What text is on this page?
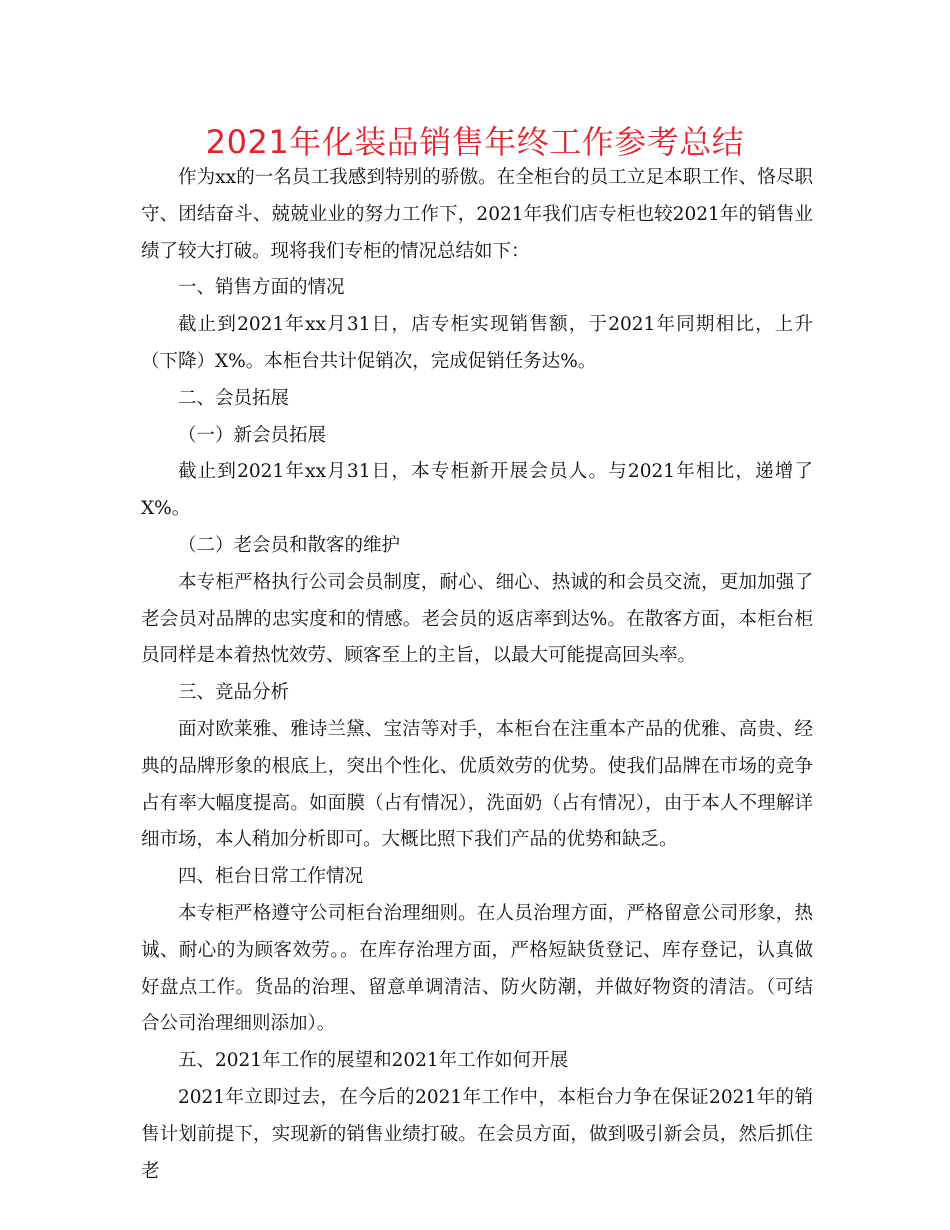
2021年化装品销售年终工作参考总结

作为xx的一名员工我感到特别的骄傲。在全柜台的员工立足本职工作、恪尽职守、团结奋斗、兢兢业业的努力工作下，2021年我们店专柜也较2021年的销售业绩了较大打破。现将我们专柜的情况总结如下：

一、销售方面的情况

截止到2021年xx月31日，店专柜实现销售额，于2021年同期相比，上升（下降）X%。本柜台共计促销次，完成促销任务达%。

二、会员拓展

（一）新会员拓展

截止到2021年xx月31日，本专柜新开展会员人。与2021年相比，递增了X%。

（二）老会员和散客的维护

本专柜严格执行公司会员制度，耐心、细心、热诚的和会员交流，更加加强了老会员对品牌的忠实度和的情感。老会员的返店率到达%。在散客方面，本柜台柜员同样是本着热忱效劳、顾客至上的主旨，以最大可能提高回头率。

三、竞品分析

面对欧莱雅、雅诗兰黛、宝洁等对手，本柜台在注重本产品的优雅、高贵、经典的品牌形象的根底上，突出个性化、优质效劳的优势。使我们品牌在市场的竞争占有率大幅度提高。如面膜（占有情况），洗面奶（占有情况），由于本人不理解详细市场，本人稍加分析即可。大概比照下我们产品的优势和缺乏。

四、柜台日常工作情况

本专柜严格遵守公司柜台治理细则。在人员治理方面，严格留意公司形象，热诚、耐心的为顾客效劳。。在库存治理方面，严格短缺货登记、库存登记，认真做好盘点工作。货品的治理、留意单调清洁、防火防潮，并做好物资的清洁。（可结合公司治理细则添加）。

五、2021年工作的展望和2021年工作如何开展

2021年立即过去，在今后的2021年工作中，本柜台力争在保证2021年的销售计划前提下，实现新的销售业绩打破。在会员方面，做到吸引新会员，然后抓住老
